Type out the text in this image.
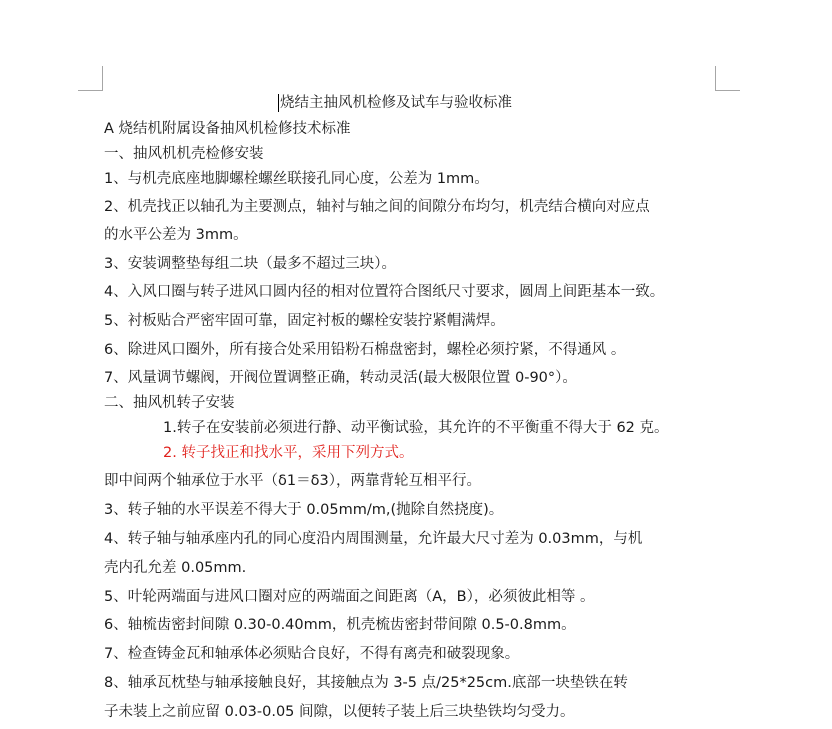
烧结主抽风机检修及试车与验收标准
A 烧结机附属设备抽风机检修技术标准
一、抽风机机壳检修安装
1、与机壳底座地脚螺栓螺丝联接孔同心度，公差为 1mm。
2、机壳找正以轴孔为主要测点，轴衬与轴之间的间隙分布均匀，机壳结合横向对应点
的水平公差为 3mm。
3、安装调整垫每组二块（最多不超过三块）。
4、入风口圈与转子进风口圆内径的相对位置符合图纸尺寸要求，圆周上间距基本一致。
5、衬板贴合严密牢固可靠，固定衬板的螺栓安装拧紧帽满焊。
6、除进风口圈外，所有接合处采用铅粉石棉盘密封，螺栓必须拧紧，不得通风 。
7、风量调节螺阀，开阀位置调整正确，转动灵活(最大极限位置 0-90°）。
二、抽风机转子安装
1.转子在安装前必须进行静、动平衡试验，其允许的不平衡重不得大于 62 克。
2. 转子找正和找水平，采用下列方式。
即中间两个轴承位于水平（δ1＝δ3），两靠背轮互相平行。
3、转子轴的水平误差不得大于 0.05mm/m,(抛除自然挠度)。
4、转子轴与轴承座内孔的同心度沿内周围测量，允许最大尺寸差为 0.03mm，与机
壳内孔允差 0.05mm.
5、叶轮两端面与进风口圈对应的两端面之间距离（A，B），必须彼此相等 。
6、轴梳齿密封间隙 0.30-0.40mm，机壳梳齿密封带间隙 0.5-0.8mm。
7、检查铸金瓦和轴承体必须贴合良好，不得有离壳和破裂现象。
8、轴承瓦枕垫与轴承接触良好，其接触点为 3-5 点/25*25cm.底部一块垫铁在转
子未装上之前应留 0.03-0.05 间隙，以便转子装上后三块垫铁均匀受力。
